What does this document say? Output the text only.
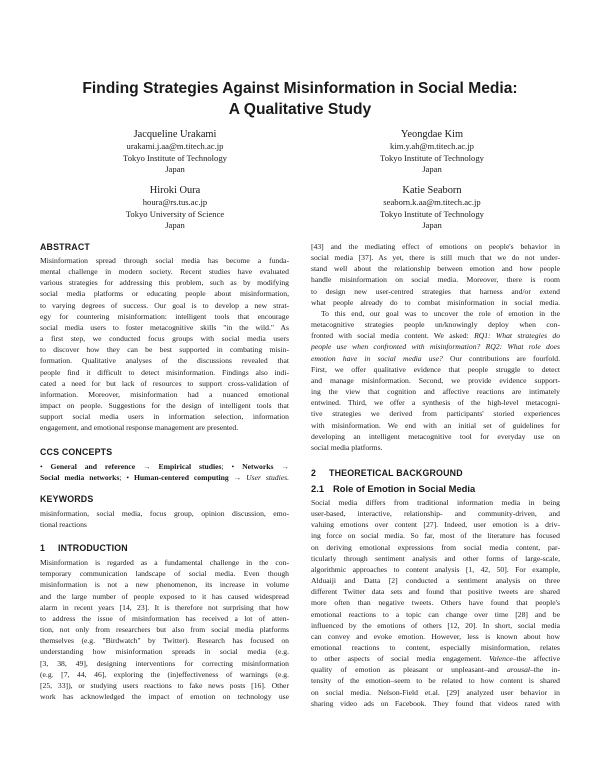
Finding Strategies Against Misinformation in Social Media:
A Qualitative Study
Jacqueline Urakami
urakami.j.aa@m.titech.ac.jp
Tokyo Institute of Technology
Japan
Yeongdae Kim
kim.y.ah@m.titech.ac.jp
Tokyo Institute of Technology
Japan
Hiroki Oura
houra@rs.tus.ac.jp
Tokyo University of Science
Japan
Katie Seaborn
seaborn.k.aa@m.titech.ac.jp
Tokyo Institute of Technology
Japan
ABSTRACT
Misinformation spread through social media has become a funda-
mental challenge in modern society. Recent studies have evaluated
various strategies for addressing this problem, such as by modifying
social media platforms or educating people about misinformation,
to varying degrees of success. Our goal is to develop a new strat-
egy for countering misinformation: intelligent tools that encourage
social media users to foster metacognitive skills "in the wild." As
a first step, we conducted focus groups with social media users
to discover how they can be best supported in combating misin-
formation. Qualitative analyses of the discussions revealed that
people find it difficult to detect misinformation. Findings also indi-
cated a need for but lack of resources to support cross-validation of
information. Moreover, misinformation had a nuanced emotional
impact on people. Suggestions for the design of intelligent tools that
support social media users in information selection, information
engagement, and emotional response management are presented.
CCS CONCEPTS
• General and reference → Empirical studies; • Networks →
Social media networks; • Human-centered computing → User studies.
KEYWORDS
misinformation, social media, focus group, opinion discussion, emo-
tional reactions
1 INTRODUCTION
Misinformation is regarded as a fundamental challenge in the con-
temporary communication landscape of social media. Even though
misinformation is not a new phenomenon, its increase in volume
and the large number of people exposed to it has caused widespread
alarm in recent years [14, 23]. It is therefore not surprising that how
to address the issue of misinformation has received a lot of atten-
tion, not only from researchers but also from social media platforms
themselves (e.g. "Birdwatch" by Twitter). Research has focused on
understanding how misinformation spreads in social media (e.g.
[3, 38, 49], designing interventions for correcting misinformation
(e.g. [7, 44, 46], exploring the (in)effectiveness of warnings (e.g.
[25, 33]), or studying users reactions to fake news posts [16]. Other
work has acknowledged the impact of emotion on technology use
[43] and the mediating effect of emotions on people's behavior in
social media [37]. As yet, there is still much that we do not under-
stand well about the relationship between emotion and how people
handle misinformation on social media. Moreover, there is room
to design new user-centred strategies that harness and/or extend
what people already do to combat misinformation in social media.
To this end, our goal was to uncover the role of emotion in the
metacognitive strategies people un/knowingly deploy when con-
fronted with social media content. We asked: RQ1: What strategies do
people use when confronted with misinformation? RQ2: What role does
emotion have in social media use? Our contributions are fourfold.
First, we offer qualitative evidence that people struggle to detect
and manage misinformation. Second, we provide evidence support-
ing the view that cognition and affective reactions are intimately
entwined. Third, we offer a synthesis of the high-level metacogni-
tive strategies we derived from participants' storied experiences
with misinformation. We end with an initial set of guidelines for
developing an intelligent metacognitive tool for everyday use on
social media platforms.
2 THEORETICAL BACKGROUND
2.1 Role of Emotion in Social Media
Social media differs from traditional information media in being
user-based, interactive, relationship- and community-driven, and
valuing emotions over content [27]. Indeed, user emotion is a driv-
ing force on social media. So far, most of the literature has focused
on deriving emotional expressions from social media content, par-
ticularly through sentiment analysis and other forms of large-scale,
algorithmic approaches to content analysis [1, 42, 50]. For example,
Alduaiji and Datta [2] conducted a sentiment analysis on three
different Twitter data sets and found that positive tweets are shared
more often than negative tweets. Others have found that people's
emotional reactions to a topic can change over time [28] and be
influenced by the emotions of others [12, 20]. In short, social media
can convey and evoke emotion. However, less is known about how
emotional reactions to content, especially misinformation, relates
to other aspects of social media engagement. Valence–the affective
quality of emotion as pleasant or unpleasant–and arousal–the in-
tensity of the emotion–seem to be related to how content is shared
on social media. Nelson-Field et.al. [29] analyzed user behavior in
sharing video ads on Facebook. They found that videos rated with
